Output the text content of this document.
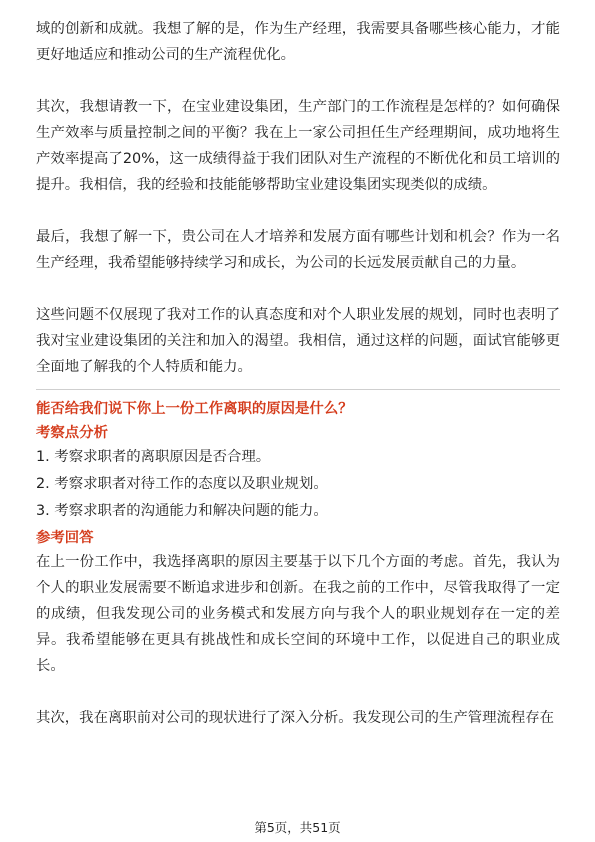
域的创新和成就。我想了解的是，作为生产经理，我需要具备哪些核心能力，才能更好地适应和推动公司的生产流程优化。

其次，我想请教一下，在宝业建设集团，生产部门的工作流程是怎样的？如何确保生产效率与质量控制之间的平衡？我在上一家公司担任生产经理期间，成功地将生产效率提高了20%，这一成绩得益于我们团队对生产流程的不断优化和员工培训的提升。我相信，我的经验和技能能够帮助宝业建设集团实现类似的成绩。

最后，我想了解一下，贵公司在人才培养和发展方面有哪些计划和机会？作为一名生产经理，我希望能够持续学习和成长，为公司的长远发展贡献自己的力量。

这些问题不仅展现了我对工作的认真态度和对个人职业发展的规划，同时也表明了我对宝业建设集团的关注和加入的渴望。我相信，通过这样的问题，面试官能够更全面地了解我的个人特质和能力。

能否给我们说下你上一份工作离职的原因是什么？

考察点分析

1. 考察求职者的离职原因是否合理。
2. 考察求职者对待工作的态度以及职业规划。
3. 考察求职者的沟通能力和解决问题的能力。

参考回答

在上一份工作中，我选择离职的原因主要基于以下几个方面的考虑。首先，我认为个人的职业发展需要不断追求进步和创新。在我之前的工作中，尽管我取得了一定的成绩，但我发现公司的业务模式和发展方向与我个人的职业规划存在一定的差异。我希望能够在更具有挑战性和成长空间的环境中工作，以促进自己的职业成长。

其次，我在离职前对公司的现状进行了深入分析。我发现公司的生产管理流程存在

第5页，共51页
